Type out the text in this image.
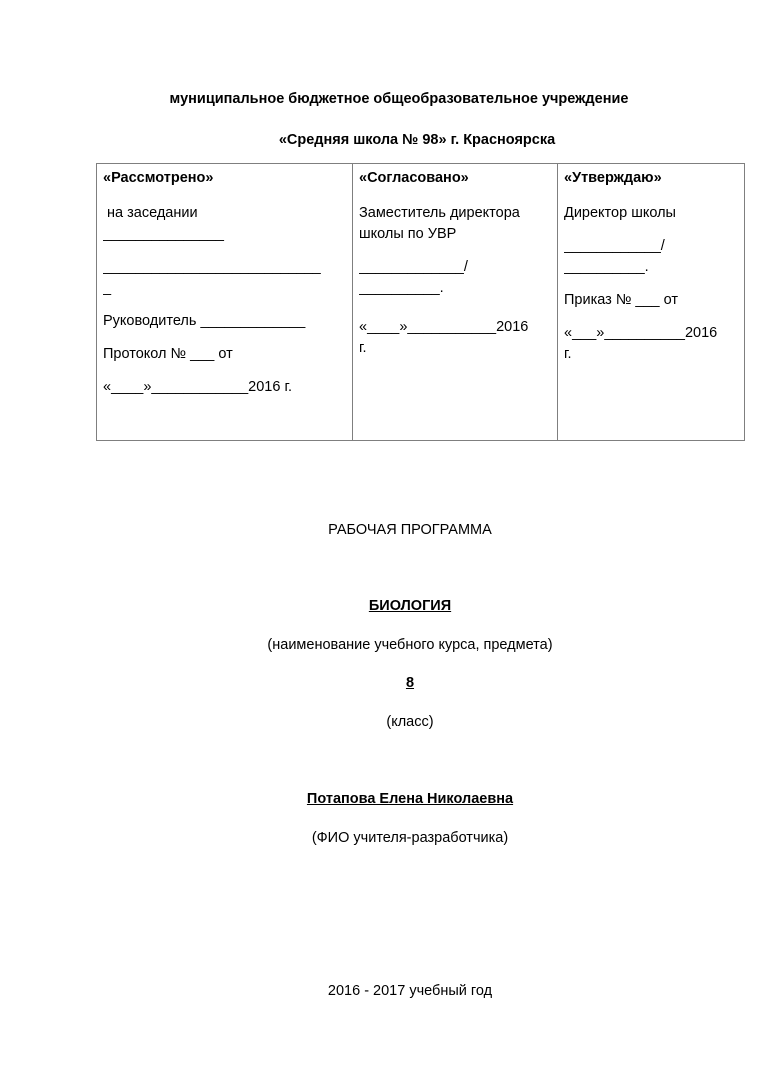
муниципальное бюджетное общеобразовательное учреждение
«Средняя школа № 98» г. Красноярска
«Рассмотрено»
на заседании
_______________
___________________________
_
Руководитель _____________
Протокол № ___ от
«____»____________2016 г.

«Согласовано»
Заместитель директора
школы по УВР
_____________/
__________.
«____»___________2016
г.

«Утверждаю»
Директор школы
____________/
__________.
Приказ № ___ от
«___»__________2016
г.
РАБОЧАЯ ПРОГРАММА
БИОЛОГИЯ
(наименование учебного курса, предмета)
8
(класс)
Потапова Елена Николаевна
(ФИО учителя-разработчика)
2016 - 2017 учебный год
